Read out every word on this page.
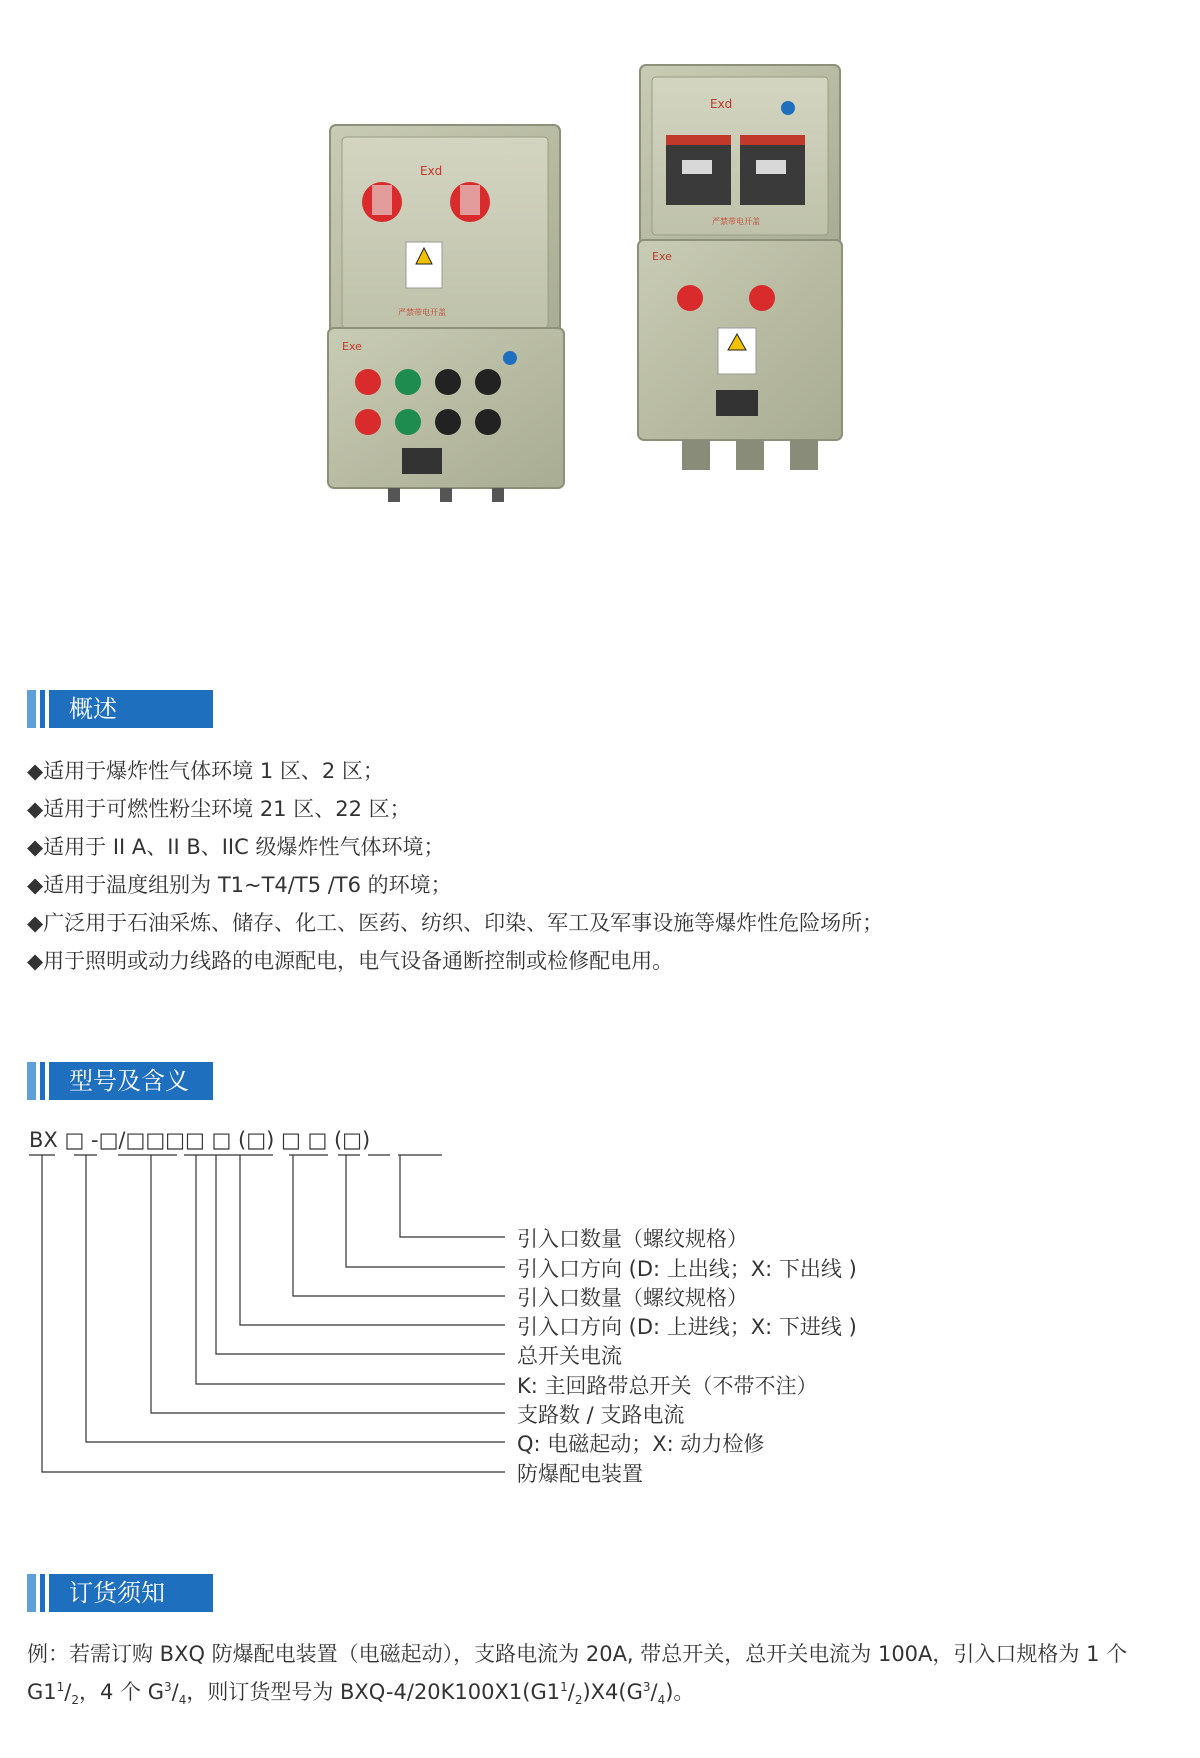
Exd
严禁带电开盖
Exe
Exd
严禁带电开盖
Exe
概述
◆适用于爆炸性气体环境 1 区、2 区；
◆适用于可燃性粉尘环境 21 区、22 区；
◆适用于 II A、II B、IIC 级爆炸性气体环境；
◆适用于温度组别为 T1~T4/T5 /T6 的环境；
◆广泛用于石油采炼、储存、化工、医药、纺织、印染、军工及军事设施等爆炸性危险场所；
◆用于照明或动力线路的电源配电，电气设备通断控制或检修配电用。
型号及含义
BX □ -□/□□□□ □ (□) □ □ (□)
引入口数量（螺纹规格）
引入口方向 (D: 上出线；X: 下出线 )
引入口数量（螺纹规格）
引入口方向 (D: 上进线；X: 下进线 )
总开关电流
K: 主回路带总开关（不带不注）
支路数 / 支路电流
Q: 电磁起动；X: 动力检修
防爆配电装置
订货须知
例：若需订购 BXQ 防爆配电装置（电磁起动），支路电流为 20A, 带总开关，总开关电流为 100A，引入口规格为 1 个
$G1^1/_2$，4 个 $G^3/_4$，则订货型号为 BXQ-$4/20K100X1(G1^1/_2)X4(G^3/_4)$。
